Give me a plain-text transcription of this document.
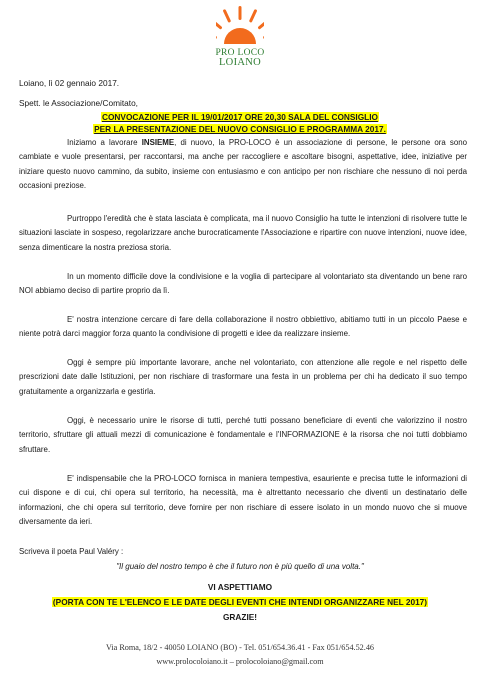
PRO LOCO
LOIANO
Loiano, lì 02 gennaio 2017.
Spett. le Associazione/Comitato,
CONVOCAZIONE PER IL 19/01/2017 ORE 20,30 SALA DEL CONSIGLIO
PER LA PRESENTAZIONE DEL NUOVO CONSIGLIO E PROGRAMMA 2017.

Iniziamo a lavorare INSIEME, di nuovo, la PRO-LOCO è un associazione di persone, le persone ora sono cambiate e vuole presentarsi, per raccontarsi, ma anche per raccogliere e ascoltare bisogni, aspettative, idee, iniziative per iniziare questo nuovo cammino, da subito, insieme con entusiasmo e con anticipo per non rischiare che nessuno di noi perda occasioni preziose.

Purtroppo l'eredità che è stata lasciata è complicata, ma il nuovo Consiglio ha tutte le intenzioni di risolvere tutte le situazioni lasciate in sospeso, regolarizzare anche burocraticamente l'Associazione e ripartire con nuove intenzioni, nuove idee, senza dimenticare la nostra preziosa storia.

In un momento difficile dove la condivisione e la voglia di partecipare al volontariato sta diventando un bene raro NOI abbiamo deciso di partire proprio da lì.

E' nostra intenzione cercare di fare della collaborazione il nostro obbiettivo, abitiamo tutti in un piccolo Paese e niente potrà darci maggior forza quanto la condivisione di progetti e idee da realizzare insieme.

Oggi è sempre più importante lavorare, anche nel volontariato, con attenzione alle regole e nel rispetto delle prescrizioni date dalle Istituzioni, per non rischiare di trasformare una festa in un problema per chi ha dedicato il suo tempo gratuitamente a organizzarla e gestirla.

Oggi, è necessario unire le risorse di tutti, perché tutti possano beneficiare di eventi che valorizzino il nostro territorio, sfruttare gli attuali mezzi di comunicazione è fondamentale e l'INFORMAZIONE è la risorsa che noi tutti dobbiamo sfruttare.

E' indispensabile che la PRO-LOCO fornisca in maniera tempestiva, esauriente e precisa tutte le informazioni di cui dispone e di cui, chi opera sul territorio, ha necessità, ma è altrettanto necessario che diventi un destinatario delle informazioni, che chi opera sul territorio, deve fornire per non rischiare di essere isolato in un mondo nuovo che si muove diversamente da ieri.

Scriveva il poeta Paul Valéry :

"Il guaio del nostro tempo è che il futuro non è più quello di una volta."
VI ASPETTIAMO
(PORTA CON TE L'ELENCO E LE DATE DEGLI EVENTI CHE INTENDI ORGANIZZARE NEL 2017)
GRAZIE!
Via Roma, 18/2 - 40050 LOIANO (BO) - Tel. 051/654.36.41 - Fax 051/654.52.46
www.prolocoloiano.it – prolocoloiano@gmail.com
